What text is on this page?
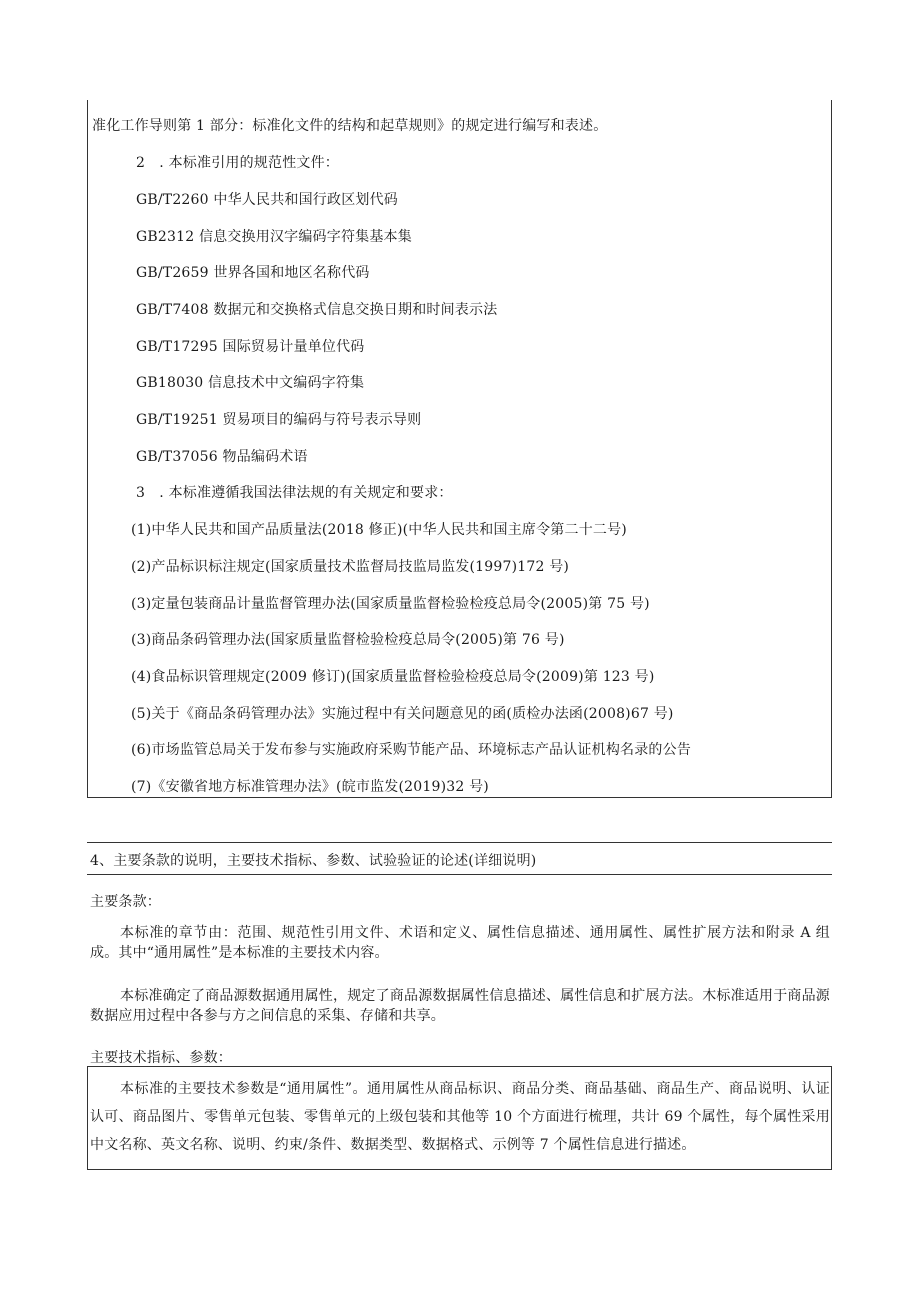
准化工作导则第 1 部分：标准化文件的结构和起草规则》的规定进行编写和表述。
2　. 本标准引用的规范性文件：
GB/T2260 中华人民共和国行政区划代码
GB2312 信息交换用汉字编码字符集基本集
GB/T2659 世界各国和地区名称代码
GB/T7408 数据元和交换格式信息交换日期和时间表示法
GB/T17295 国际贸易计量单位代码
GB18030 信息技术中文编码字符集
GB/T19251 贸易项目的编码与符号表示导则
GB/T37056 物品编码术语
3　. 本标准遵循我国法律法规的有关规定和要求：
(1)中华人民共和国产品质量法(2018 修正)(中华人民共和国主席令第二十二号)
(2)产品标识标注规定(国家质量技术监督局技监局监发(1997)172 号)
(3)定量包装商品计量监督管理办法(国家质量监督检验检疫总局令(2005)第 75 号)
(3)商品条码管理办法(国家质量监督检验检疫总局令(2005)第 76 号)
(4)食品标识管理规定(2009 修订)(国家质量监督检验检疫总局令(2009)第 123 号)
(5)关于《商品条码管理办法》实施过程中有关问题意见的函(质检办法函(2008)67 号)
(6)市场监管总局关于发布参与实施政府采购节能产品、环境标志产品认证机构名录的公告
(7)《安徽省地方标准管理办法》(皖市监发(2019)32 号)
4、主要条款的说明，主要技术指标、参数、试验验证的论述(详细说明)
主要条款：
本标准的章节由：范围、规范性引用文件、术语和定义、属性信息描述、通用属性、属性扩展方法和附录 A 组成。其中“通用属性”是本标准的主要技术内容。
本标准确定了商品源数据通用属性，规定了商品源数据属性信息描述、属性信息和扩展方法。木标准适用于商品源数据应用过程中各参与方之间信息的采集、存储和共享。
主要技术指标、参数：
本标准的主要技术参数是“通用属性”。通用属性从商品标识、商品分类、商品基础、商品生产、商品说明、认证认可、商品图片、零售单元包装、零售单元的上级包装和其他等 10 个方面进行梳理，共计 69 个属性，每个属性采用中文名称、英文名称、说明、约束/条件、数据类型、数据格式、示例等 7 个属性信息进行描述。
